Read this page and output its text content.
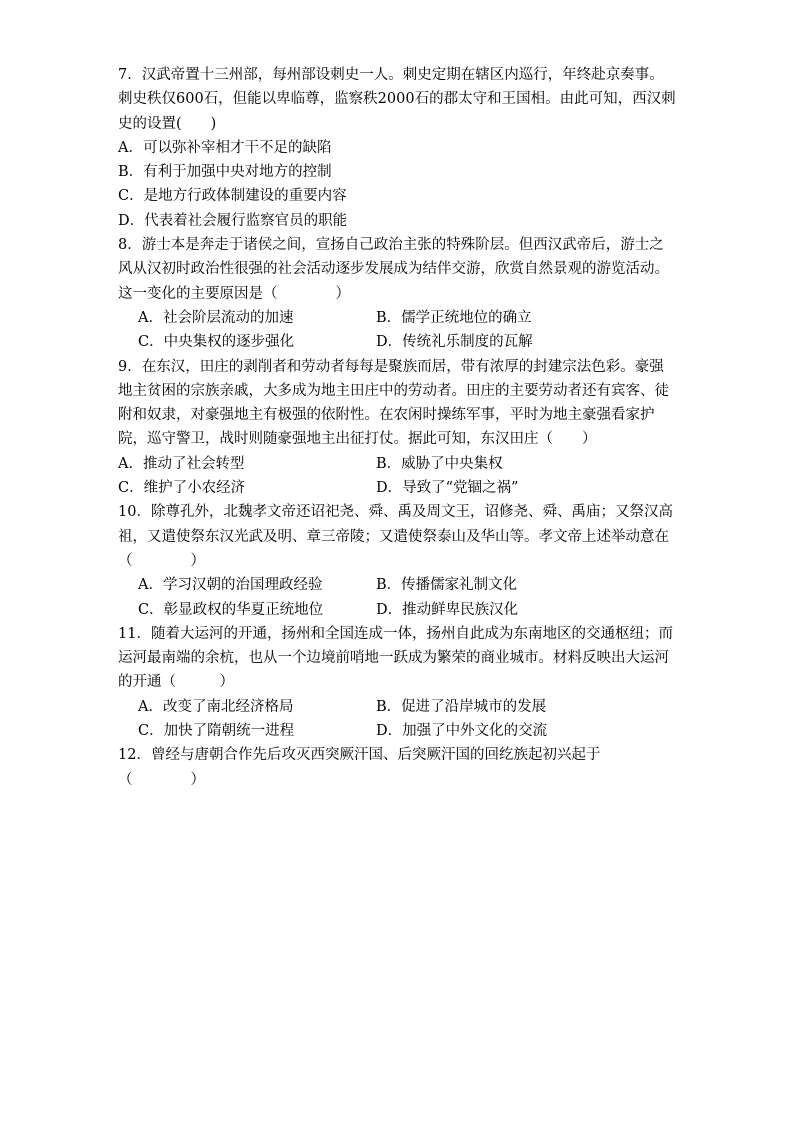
7．汉武帝置十三州部，每州部设刺史一人。刺史定期在辖区内巡行，年终赴京奏事。刺史秩仅600石，但能以卑临尊，监察秩2000石的郡太守和王国相。由此可知，西汉刺史的设置(　　)

A．可以弥补宰相才干不足的缺陷
B．有利于加强中央对地方的控制
C．是地方行政体制建设的重要内容
D．代表着社会履行监察官员的职能

8．游士本是奔走于诸侯之间，宣扬自己政治主张的特殊阶层。但西汉武帝后，游士之风从汉初时政治性很强的社会活动逐步发展成为结伴交游，欣赏自然景观的游览活动。这一变化的主要原因是（　　　　）

A．社会阶层流动的加速	B．儒学正统地位的确立
C．中央集权的逐步强化	D．传统礼乐制度的瓦解

9．在东汉，田庄的剥削者和劳动者每每是聚族而居，带有浓厚的封建宗法色彩。豪强地主贫困的宗族亲戚，大多成为地主田庄中的劳动者。田庄的主要劳动者还有宾客、徒附和奴隶，对豪强地主有极强的依附性。在农闲时操练军事，平时为地主豪强看家护院，巡守警卫，战时则随豪强地主出征打仗。据此可知，东汉田庄（　　）

A．推动了社会转型	B．威胁了中央集权
C．维护了小农经济	D．导致了“党锢之祸”

10．除尊孔外，北魏孝文帝还诏祀尧、舜、禹及周文王，诏修尧、舜、禹庙；又祭汉高祖，又遣使祭东汉光武及明、章三帝陵；又遣使祭泰山及华山等。孝文帝上述举动意在（　　　　）

A．学习汉朝的治国理政经验	B．传播儒家礼制文化
C．彰显政权的华夏正统地位	D．推动鲜卑民族汉化

11．随着大运河的开通，扬州和全国连成一体，扬州自此成为东南地区的交通枢纽；而运河最南端的余杭，也从一个边境前哨地一跃成为繁荣的商业城市。材料反映出大运河的开通（　　　）

A．改变了南北经济格局	B．促进了沿岸城市的发展
C．加快了隋朝统一进程	D．加强了中外文化的交流

12．曾经与唐朝合作先后攻灭西突厥汗国、后突厥汗国的回纥族起初兴起于（　　　　）
